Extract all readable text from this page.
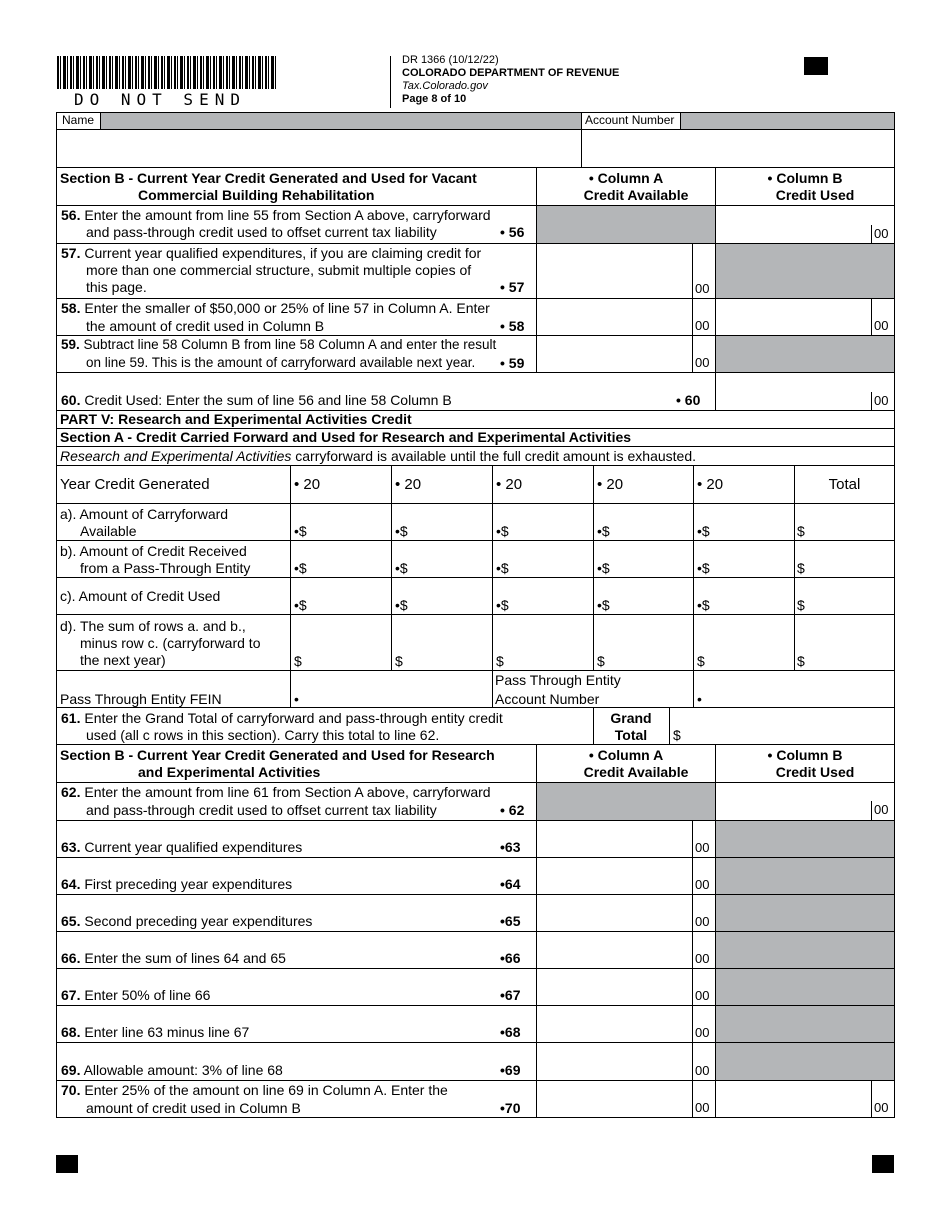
DO NOT SEND
DR 1366 (10/12/22)
COLORADO DEPARTMENT OF REVENUE
Tax.Colorado.gov
Page 8 of 10
Name	Account Number
Section B - Current Year Credit Generated and Used for Vacant
Commercial Building Rehabilitation
• Column A
Credit Available
• Column B
Credit Used
56. Enter the amount from line 55 from Section A above, carryforward
and pass-through credit used to offset current tax liability	• 56	00
57. Current year qualified expenditures, if you are claiming credit for
more than one commercial structure, submit multiple copies of
this page.	• 57	00
58. Enter the smaller of $50,000 or 25% of line 57 in Column A. Enter
the amount of credit used in Column B	• 58	00	00
59. Subtract line 58 Column B from line 58 Column A and enter the result
on line 59. This is the amount of carryforward available next year. • 59	00
60. Credit Used: Enter the sum of line 56 and line 58 Column B	• 60	00
PART V: Research and Experimental Activities Credit
Section A - Credit Carried Forward and Used for Research and Experimental Activities
Research and Experimental Activities carryforward is available until the full credit amount is exhausted.
Year Credit Generated	• 20	• 20	• 20	• 20	• 20	Total
a). Amount of Carryforward
Available	•$	•$	•$	•$	•$	$
b). Amount of Credit Received
from a Pass-Through Entity	•$	•$	•$	•$	•$	$
c). Amount of Credit Used
•$	•$	•$	•$	•$	$
d). The sum of rows a. and b.,
minus row c. (carryforward to
the next year)	$	$	$	$	$	$
Pass Through Entity FEIN	•
Pass Through Entity
Account Number	•
61. Enter the Grand Total of carryforward and pass-through entity credit
used (all c rows in this section). Carry this total to line 62.
Grand
Total	$
Section B - Current Year Credit Generated and Used for Research
and Experimental Activities
• Column A
Credit Available
• Column B
Credit Used
62. Enter the amount from line 61 from Section A above, carryforward
and pass-through credit used to offset current tax liability	• 62	00
63. Current year qualified expenditures	•63	00
64. First preceding year expenditures	•64	00
65. Second preceding year expenditures	•65	00
66. Enter the sum of lines 64 and 65	•66	00
67. Enter 50% of line 66	•67	00
68. Enter line 63 minus line 67	•68	00
69. Allowable amount: 3% of line 68	•69	00
70. Enter 25% of the amount on line 69 in Column A. Enter the
amount of credit used in Column B	•70	00	00
